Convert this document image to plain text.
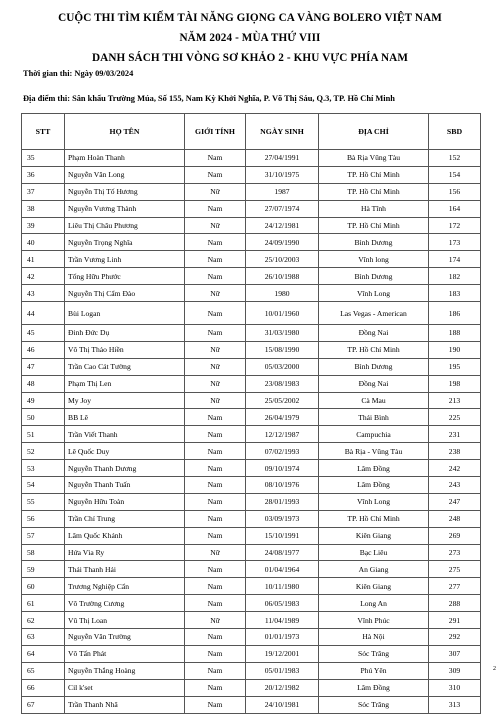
CUỘC THI TÌM KIẾM TÀI NĂNG GIỌNG CA VÀNG BOLERO VIỆT NAM
NĂM 2024 - MÙA THỨ VIII
DANH SÁCH THI VÒNG SƠ KHẢO 2 - KHU VỰC PHÍA NAM
Thời gian thi: Ngày 09/03/2024
Địa điểm thi: Sân khấu Trường Múa, Số 155, Nam Kỳ Khởi Nghĩa, P. Võ Thị Sáu, Q.3, TP. Hồ Chí Minh
STT	HỌ TÊN	GIỚI TÍNH	NGÀY SINH	ĐỊA CHỈ	SBD
35	Phạm Hoàn Thanh	Nam	27/04/1991	Bà Rịa Vũng Tàu	152
36	Nguyễn Văn Long	Nam	31/10/1975	TP. Hồ Chí Minh	154
37	Nguyễn Thị Tố Hương	Nữ	1987	TP. Hồ Chí Minh	156
38	Nguyễn Vương Thành	Nam	27/07/1974	Hà Tĩnh	164
39	Liêu Thị Châu Phương	Nữ	24/12/1981	TP. Hồ Chí Minh	172
40	Nguyễn Trọng Nghĩa	Nam	24/09/1990	Bình Dương	173
41	Trần Vương Linh	Nam	25/10/2003	Vĩnh long	174
42	Tống Hữu Phước	Nam	26/10/1988	Bình Dương	182
43	Nguyễn Thị Cẩm Đào	Nữ	1980	Vĩnh Long	183
44	Bùi Logan	Nam	10/01/1960	Las Vegas - American	186
45	Đinh Đức Dụ	Nam	31/03/1980	Đồng Nai	188
46	Võ Thị Thảo Hiền	Nữ	15/08/1990	TP. Hồ Chí Minh	190
47	Trần Cao Cát Tường	Nữ	05/03/2000	Bình Dương	195
48	Phạm Thị Len	Nữ	23/08/1983	Đồng Nai	198
49	My Joy	Nữ	25/05/2002	Cà Mau	213
50	BB Lê	Nam	26/04/1979	Thái Bình	225
51	Trần Viết Thanh	Nam	12/12/1987	Campuchia	231
52	Lê Quốc Duy	Nam	07/02/1993	Bà Rịa - Vũng Tàu	238
53	Nguyễn Thanh Dương	Nam	09/10/1974	Lâm Đồng	242
54	Nguyễn Thanh Tuấn	Nam	08/10/1976	Lâm Đồng	243
55	Nguyễn Hữu Toàn	Nam	28/01/1993	Vĩnh Long	247
56	Trần Chí Trung	Nam	03/09/1973	TP. Hồ Chí Minh	248
57	Lâm Quốc Khánh	Nam	15/10/1991	Kiên Giang	269
58	Hứa Vìa Ry	Nữ	24/08/1977	Bạc Liêu	273
59	Thái Thanh Hải	Nam	01/04/1964	An Giang	275
60	Trương Nghiệp Cẩn	Nam	10/11/1980	Kiên Giang	277
61	Võ Trường Cương	Nam	06/05/1983	Long An	288
62	Vũ Thị Loan	Nữ	11/04/1989	Vĩnh Phúc	291
63	Nguyễn Văn Trường	Nam	01/01/1973	Hà Nội	292
64	Võ Tấn Phát	Nam	19/12/2001	Sóc Trăng	307
65	Nguyễn Thắng Hoàng	Nam	05/01/1983	Phú Yên	309
66	Cil k'set	Nam	20/12/1982	Lâm Đồng	310
67	Trần Thanh Nhã	Nam	24/10/1981	Sóc Trăng	313
2
